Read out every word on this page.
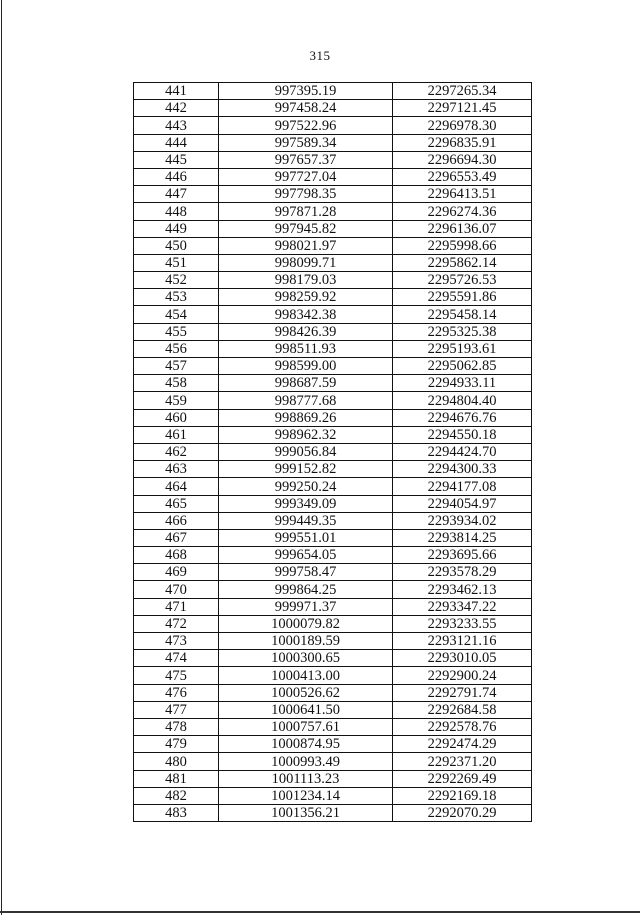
315
441	997395.19	2297265.34
442	997458.24	2297121.45
443	997522.96	2296978.30
444	997589.34	2296835.91
445	997657.37	2296694.30
446	997727.04	2296553.49
447	997798.35	2296413.51
448	997871.28	2296274.36
449	997945.82	2296136.07
450	998021.97	2295998.66
451	998099.71	2295862.14
452	998179.03	2295726.53
453	998259.92	2295591.86
454	998342.38	2295458.14
455	998426.39	2295325.38
456	998511.93	2295193.61
457	998599.00	2295062.85
458	998687.59	2294933.11
459	998777.68	2294804.40
460	998869.26	2294676.76
461	998962.32	2294550.18
462	999056.84	2294424.70
463	999152.82	2294300.33
464	999250.24	2294177.08
465	999349.09	2294054.97
466	999449.35	2293934.02
467	999551.01	2293814.25
468	999654.05	2293695.66
469	999758.47	2293578.29
470	999864.25	2293462.13
471	999971.37	2293347.22
472	1000079.82	2293233.55
473	1000189.59	2293121.16
474	1000300.65	2293010.05
475	1000413.00	2292900.24
476	1000526.62	2292791.74
477	1000641.50	2292684.58
478	1000757.61	2292578.76
479	1000874.95	2292474.29
480	1000993.49	2292371.20
481	1001113.23	2292269.49
482	1001234.14	2292169.18
483	1001356.21	2292070.29
